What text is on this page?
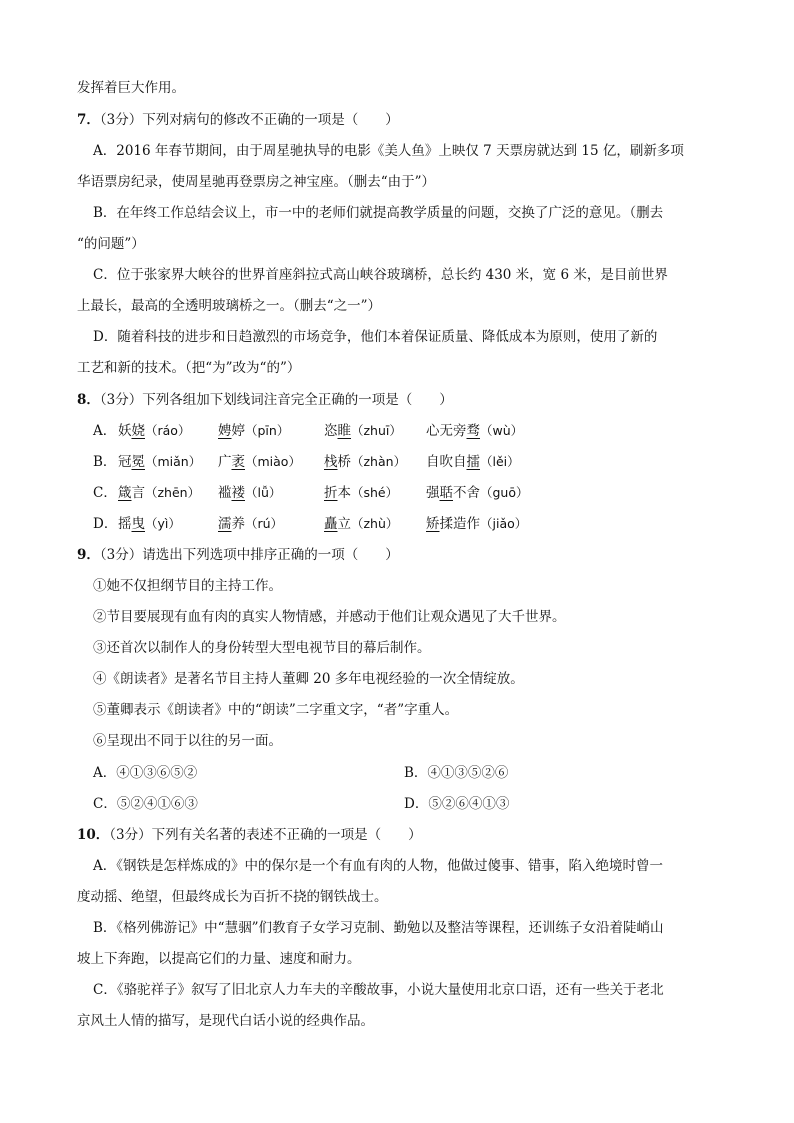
发挥着巨大作用。
7．（3分）下列对病句的修改不正确的一项是（　　）
A．2016 年春节期间，由于周星驰执导的电影《美人鱼》上映仅 7 天票房就达到 15 亿，刷新多项
华语票房纪录，使周星驰再登票房之神宝座。（删去“由于”）
B．在年终工作总结会议上，市一中的老师们就提高教学质量的问题，交换了广泛的意见。（删去
“的问题”）
C．位于张家界大峡谷的世界首座斜拉式高山峡谷玻璃桥，总长约 430 米，宽 6 米，是目前世界
上最长，最高的全透明玻璃桥之一。（删去“之一”）
D．随着科技的进步和日趋激烈的市场竞争，他们本着保证质量、降低成本为原则，使用了新的
工艺和新的技术。（把“为”改为“的”）
8．（3分）下列各组加下划线词注音完全正确的一项是（　　）
A． 妖娆（ráo） 娉婷（pīn）	恣睢（zhuī） 心无旁骛（wù）
B． 冠冕（miǎn） 广袤（miào） 栈桥（zhàn） 自吹自擂（lěi）
C． 箴言（zhēn） 褴褛（lǚ）	折本（shé） 强聒不舍（guō）
D． 摇曳（yì）	濡养（rú）	矗立（zhù） 矫揉造作（jiǎo）
9．（3分）请选出下列选项中排序正确的一项（　　）
①她不仅担纲节目的主持工作。
②节目要展现有血有肉的真实人物情感，并感动于他们让观众遇见了大千世界。
③还首次以制作人的身份转型大型电视节目的幕后制作。
④《朗读者》是著名节目主持人董卿 20 多年电视经验的一次全情绽放。
⑤董卿表示《朗读者》中的“朗读”二字重文字，“者”字重人。
⑥呈现出不同于以往的另一面。
A．④①③⑥⑤②	B．④①③⑤②⑥
C．⑤②④①⑥③	D．⑤②⑥④①③
10．（3分）下列有关名著的表述不正确的一项是（　　）
A．《钢铁是怎样炼成的》中的保尔是一个有血有肉的人物，他做过傻事、错事，陷入绝境时曾一
度动摇、绝望，但最终成长为百折不挠的钢铁战士。
B．《格列佛游记》中“慧骃”们教育子女学习克制、勤勉以及整洁等课程，还训练子女沿着陡峭山
坡上下奔跑，以提高它们的力量、速度和耐力。
C．《骆驼祥子》叙写了旧北京人力车夫的辛酸故事，小说大量使用北京口语，还有一些关于老北
京风土人情的描写，是现代白话小说的经典作品。
